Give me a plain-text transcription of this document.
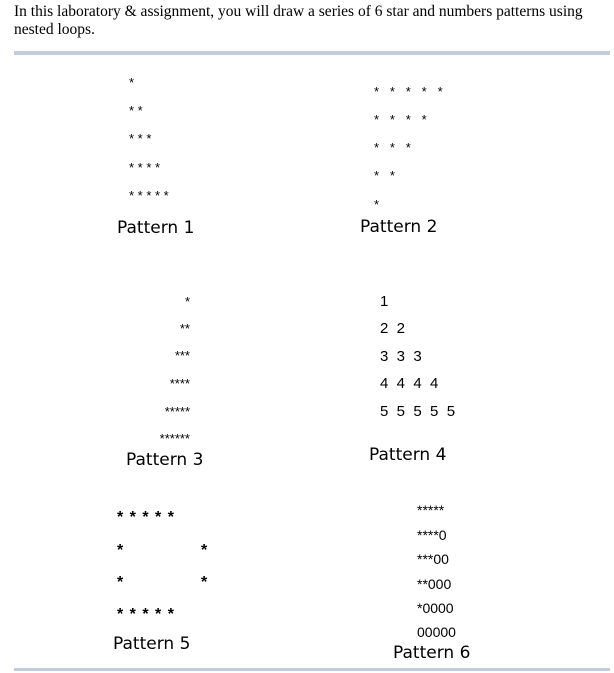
In this laboratory & assignment, you will draw a series of 6 star and numbers patterns using nested loops.

*
* *
* * *
* * * *
* * * * *
Pattern 1
*   *   *   *   *
*   *   *   *
*   *   *
*   *
*
Pattern 2
*
**
***
****
*****
******
Pattern 3
1
2  2
3  3  3
4  4  4  4
5  5  5  5  5
Pattern 4
* * * * *
*	*
*	*
* * * * *
Pattern 5
*****
****0
***00
**000
*0000
00000
Pattern 6
